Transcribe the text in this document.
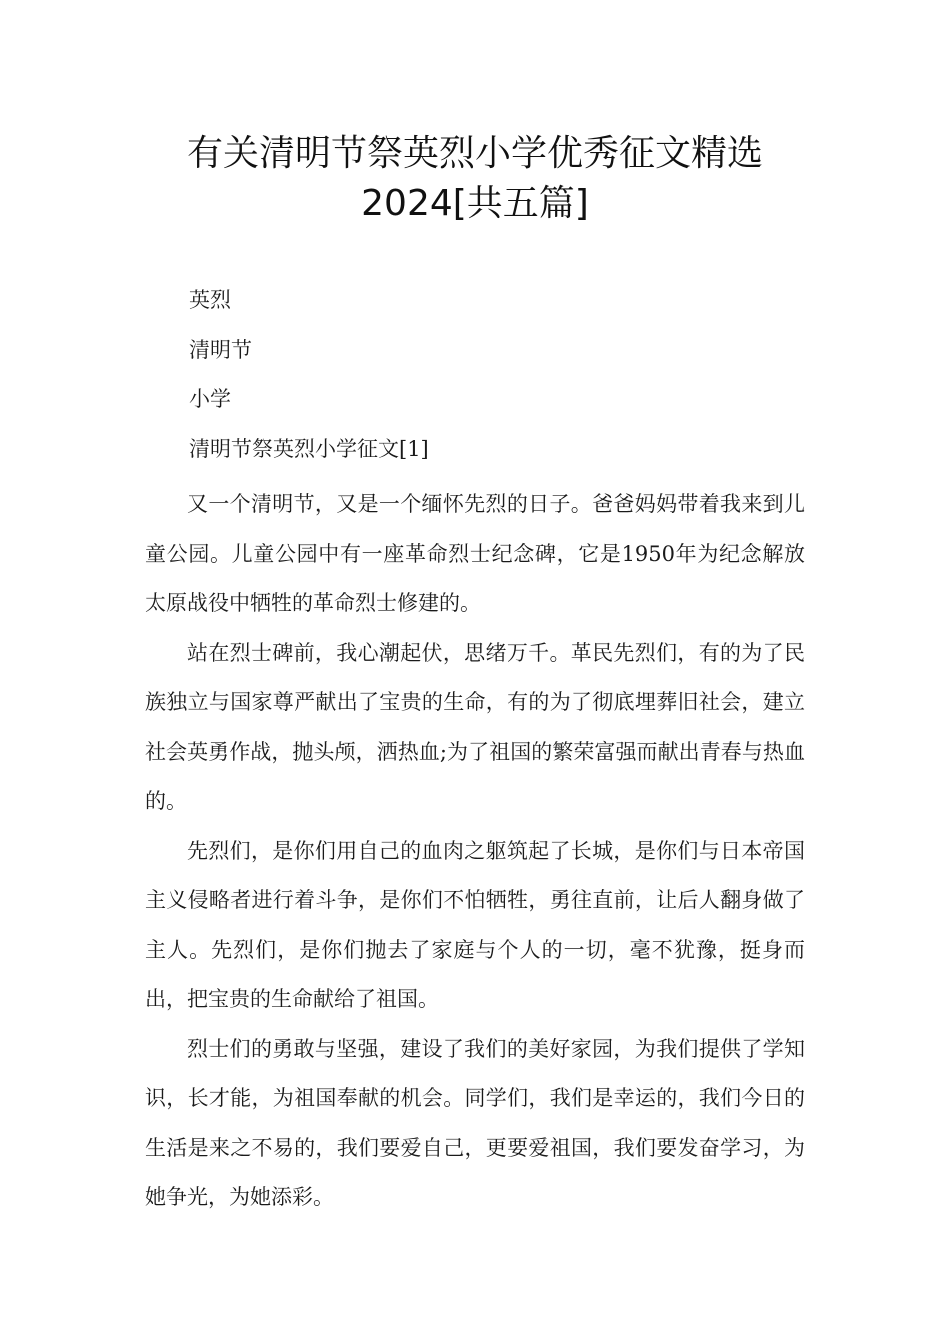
有关清明节祭英烈小学优秀征文精选
2024[共五篇]
英烈
清明节
小学
清明节祭英烈小学征文[1]

又一个清明节，又是一个缅怀先烈的日子。爸爸妈妈带着我来到儿童公园。儿童公园中有一座革命烈士纪念碑，它是1950年为纪念解放太原战役中牺牲的革命烈士修建的。

站在烈士碑前，我心潮起伏，思绪万千。革民先烈们，有的为了民族独立与国家尊严献出了宝贵的生命，有的为了彻底埋葬旧社会，建立社会英勇作战，抛头颅，洒热血;为了祖国的繁荣富强而献出青春与热血的。

先烈们，是你们用自己的血肉之躯筑起了长城，是你们与日本帝国主义侵略者进行着斗争，是你们不怕牺牲，勇往直前，让后人翻身做了主人。先烈们，是你们抛去了家庭与个人的一切，毫不犹豫，挺身而出，把宝贵的生命献给了祖国。

烈士们的勇敢与坚强，建设了我们的美好家园，为我们提供了学知识，长才能，为祖国奉献的机会。同学们，我们是幸运的，我们今日的生活是来之不易的，我们要爱自己，更要爱祖国，我们要发奋学习，为她争光，为她添彩。
